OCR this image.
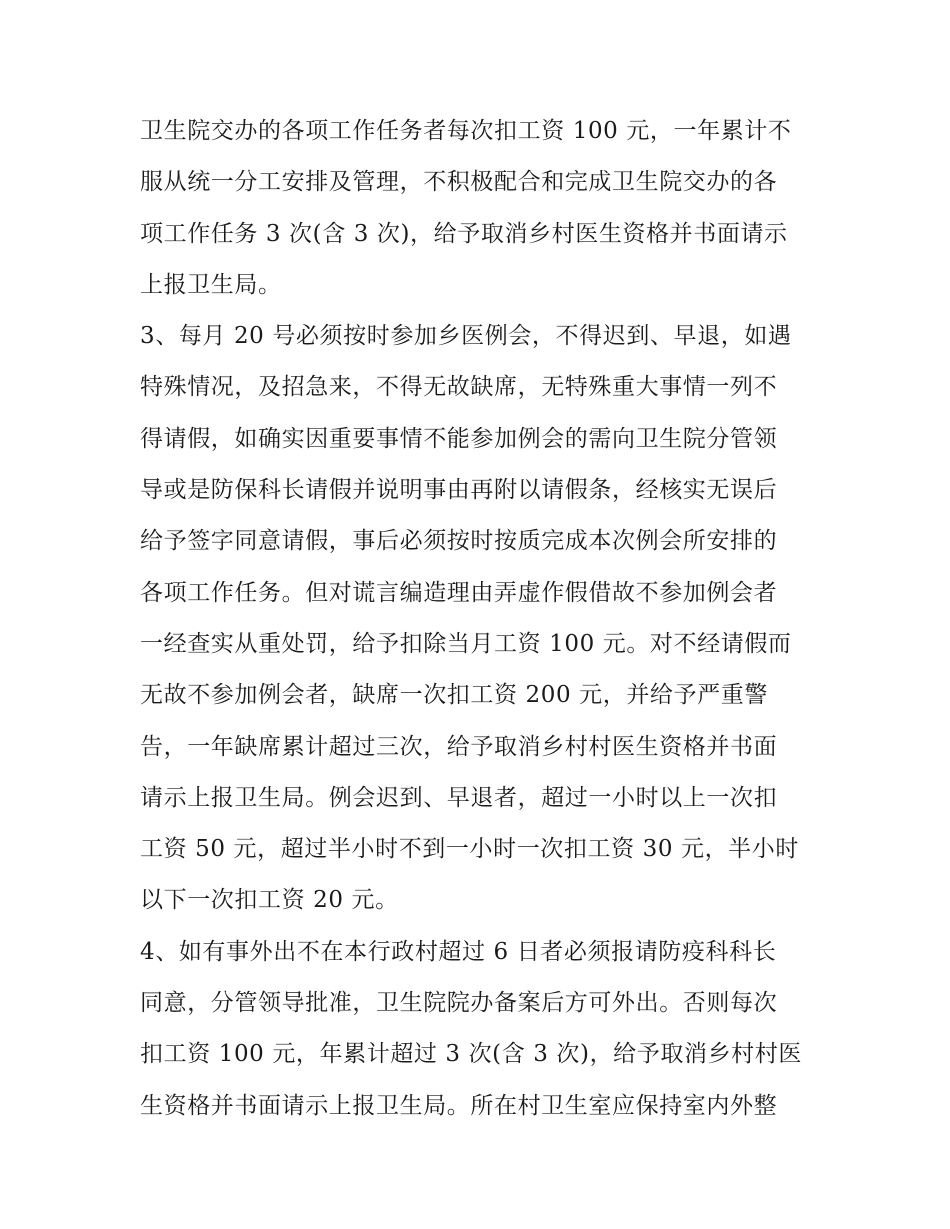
卫生院交办的各项工作任务者每次扣工资 100 元，一年累计不
服从统一分工安排及管理，不积极配合和完成卫生院交办的各
项工作任务 3 次(含 3 次)，给予取消乡村医生资格并书面请示
上报卫生局。
3、每月 20 号必须按时参加乡医例会，不得迟到、早退，如遇
特殊情况，及招急来，不得无故缺席，无特殊重大事情一列不
得请假，如确实因重要事情不能参加例会的需向卫生院分管领
导或是防保科长请假并说明事由再附以请假条，经核实无误后
给予签字同意请假，事后必须按时按质完成本次例会所安排的
各项工作任务。但对谎言编造理由弄虚作假借故不参加例会者
一经查实从重处罚，给予扣除当月工资 100 元。对不经请假而
无故不参加例会者，缺席一次扣工资 200 元，并给予严重警
告，一年缺席累计超过三次，给予取消乡村村医生资格并书面
请示上报卫生局。例会迟到、早退者，超过一小时以上一次扣
工资 50 元，超过半小时不到一小时一次扣工资 30 元，半小时
以下一次扣工资 20 元。
4、如有事外出不在本行政村超过 6 日者必须报请防疫科科长
同意，分管领导批准，卫生院院办备案后方可外出。否则每次
扣工资 100 元，年累计超过 3 次(含 3 次)，给予取消乡村村医
生资格并书面请示上报卫生局。所在村卫生室应保持室内外整
